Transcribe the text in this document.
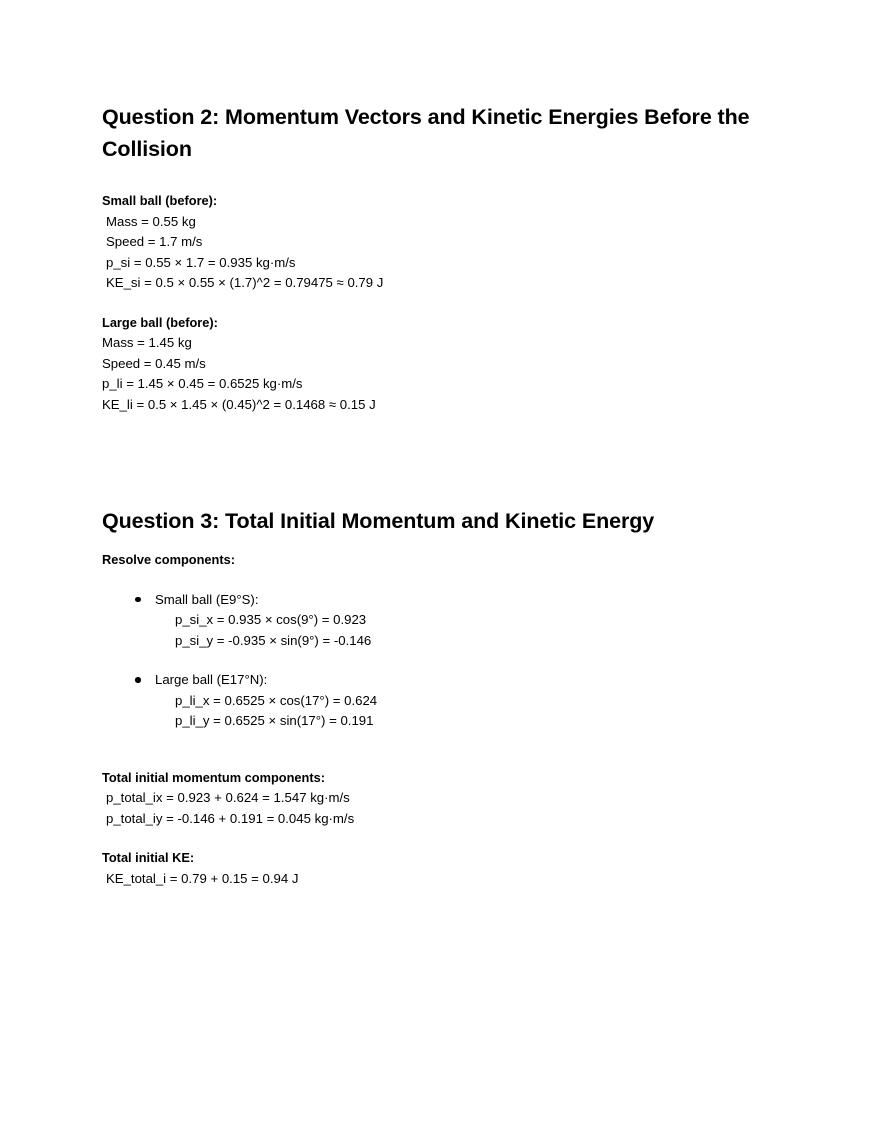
Question 2: Momentum Vectors and Kinetic Energies Before the Collision

Small ball (before):

Mass = 0.55 kg

Speed = 1.7 m/s

p_si = 0.55 × 1.7 = 0.935 kg·m/s

KE_si = 0.5 × 0.55 × (1.7)^2 = 0.79475 ≈ 0.79 J

Large ball (before):

Mass = 1.45 kg

Speed = 0.45 m/s

p_li = 1.45 × 0.45 = 0.6525 kg·m/s

KE_li = 0.5 × 1.45 × (0.45)^2 = 0.1468 ≈ 0.15 J

Question 3: Total Initial Momentum and Kinetic Energy

Resolve components:

Small ball (E9°S):
p_si_x = 0.935 × cos(9°) = 0.923
p_si_y = -0.935 × sin(9°) = -0.146
Large ball (E17°N):
p_li_x = 0.6525 × cos(17°) = 0.624
p_li_y = 0.6525 × sin(17°) = 0.191

Total initial momentum components:

p_total_ix = 0.923 + 0.624 = 1.547 kg·m/s

p_total_iy = -0.146 + 0.191 = 0.045 kg·m/s

Total initial KE:

KE_total_i = 0.79 + 0.15 = 0.94 J
